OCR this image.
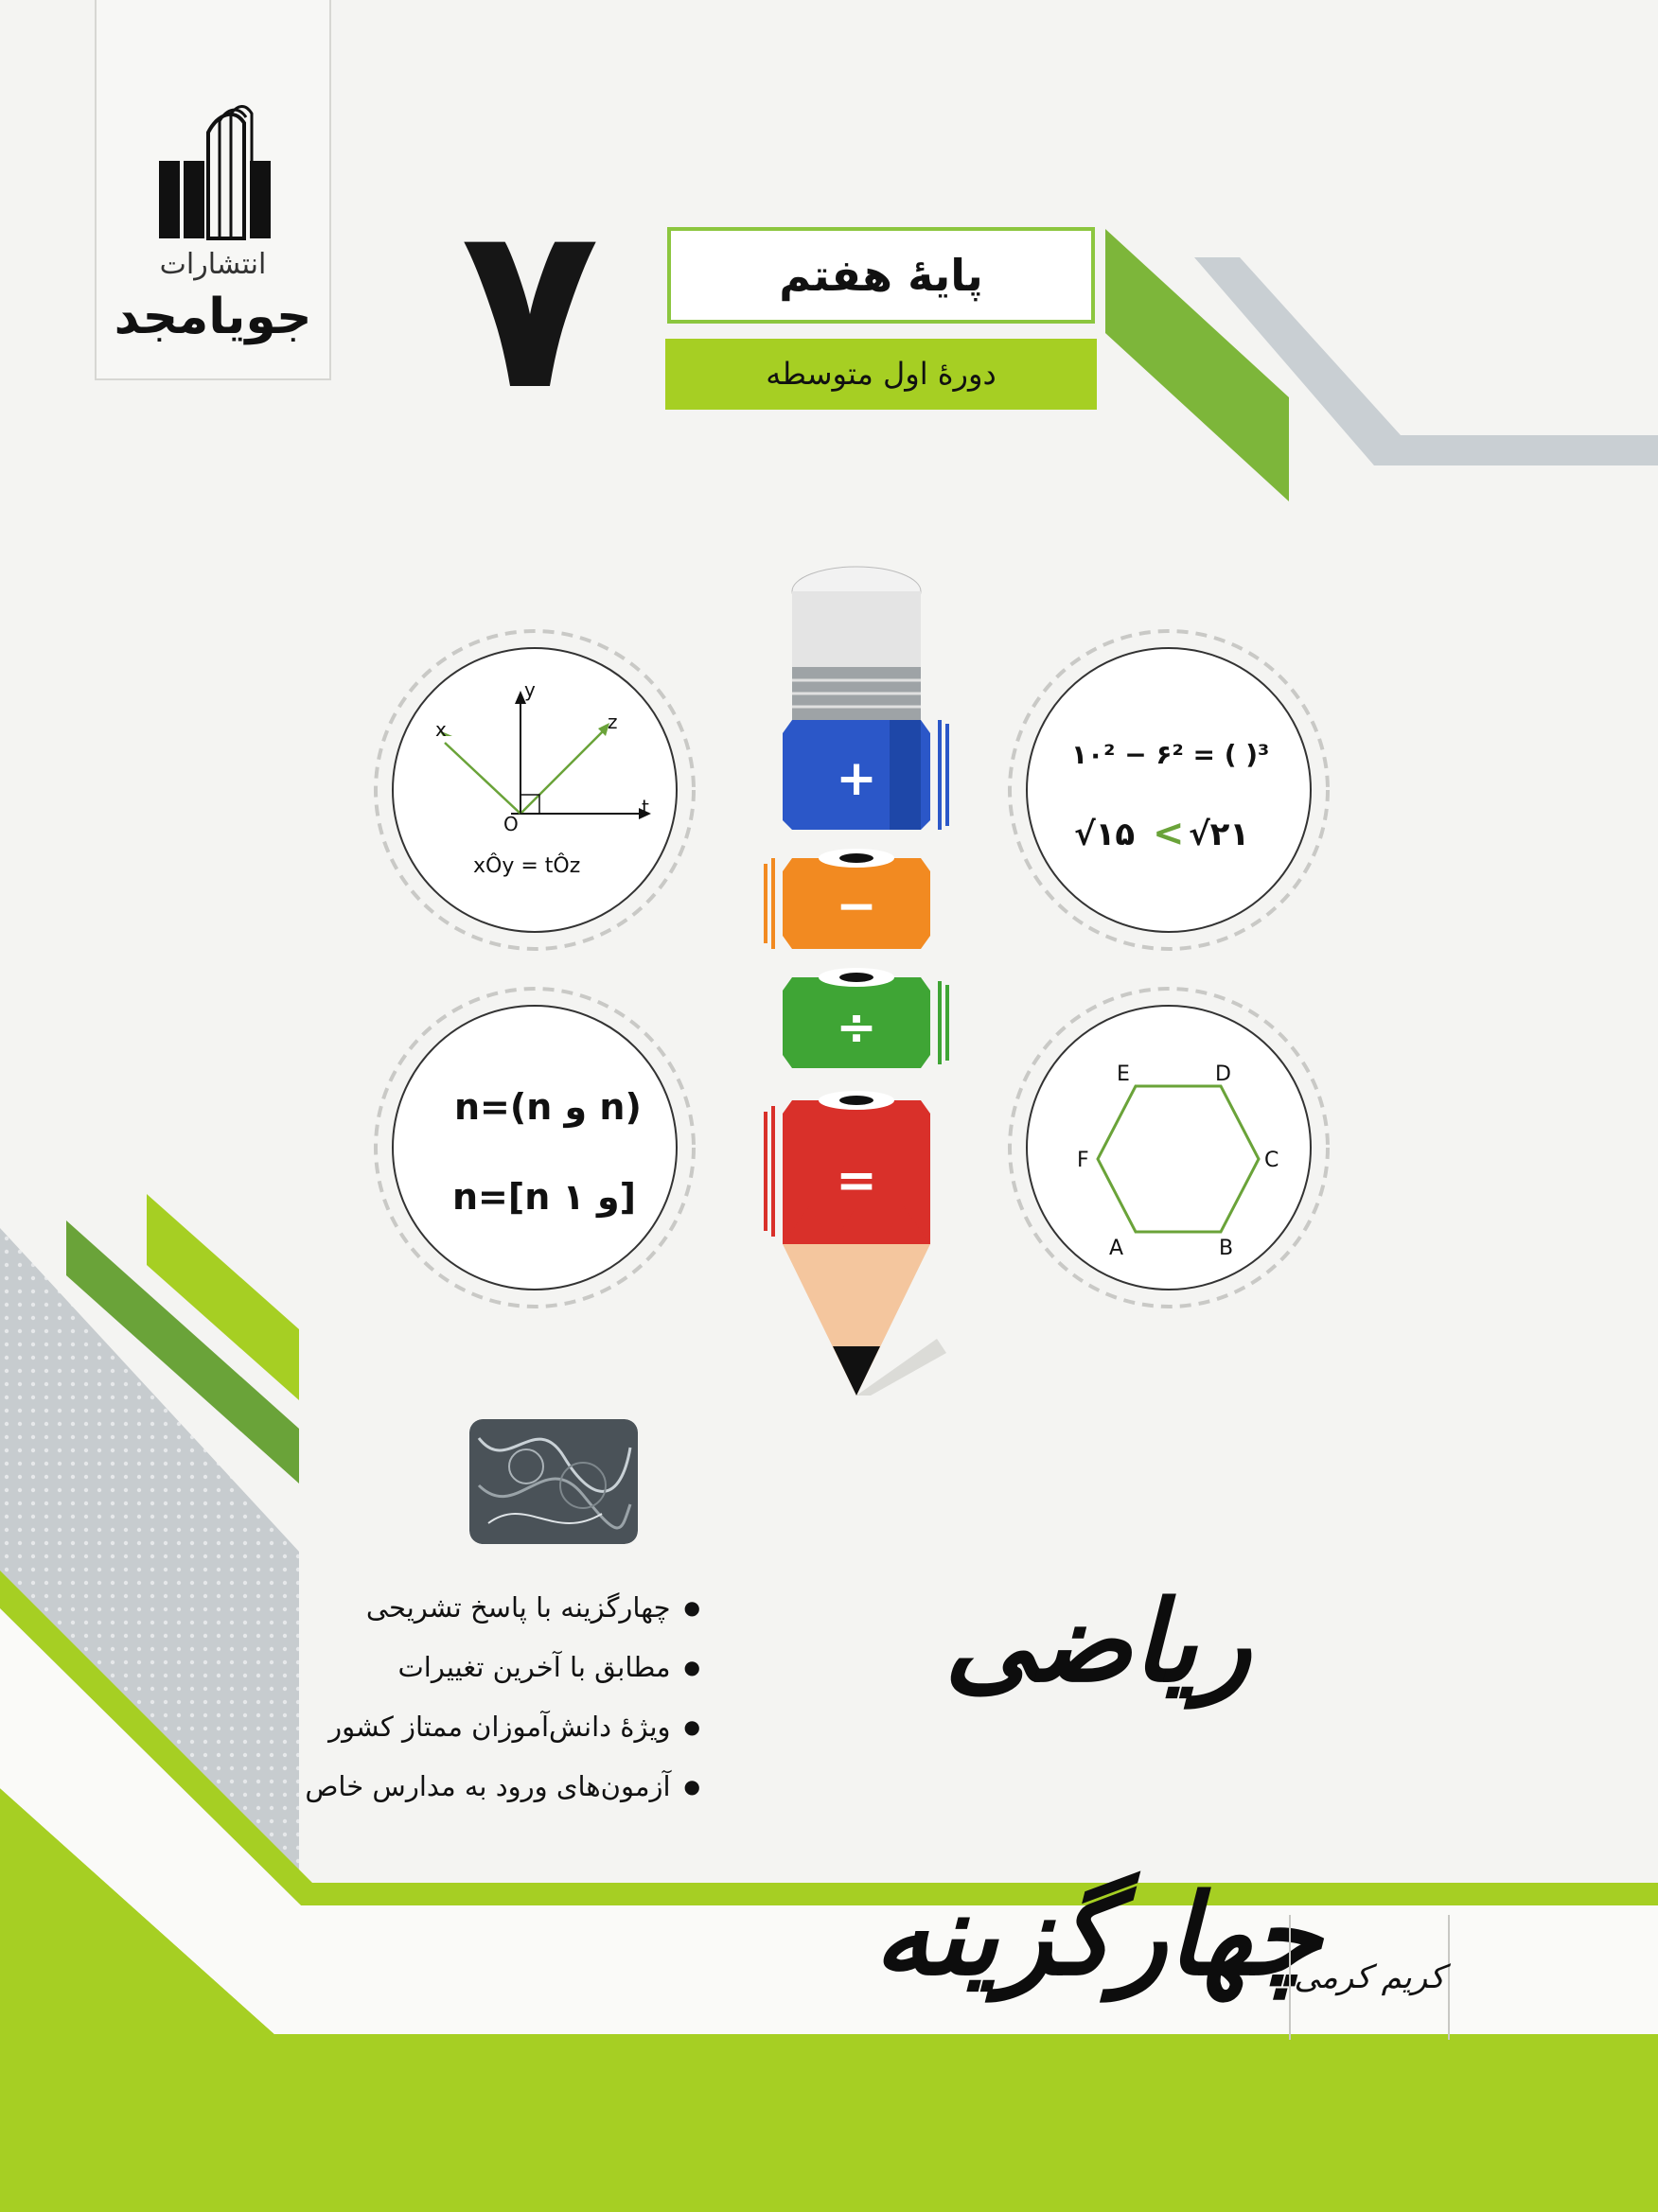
انتشارات
جویامجد ۷	پایۀ هفتم
دورۀ اول متوسطه
y
x	z
t
O
xÔy = tÔz
۱۰² − ۶² = ( )³
√۱۵ < √۲۱
n=(n و n)
n=[n و ۱]
E	D
C
F
A	B
+
−
÷
=
ریاضی چهارگزینه
● چهارگزینه با پاسخ تشریحی
● مطابق با آخرین تغییرات
● ویژۀ دانش‌آموزان ممتاز کشور
● آزمون‌های ورود به مدارس خاص
کریم کرمی
